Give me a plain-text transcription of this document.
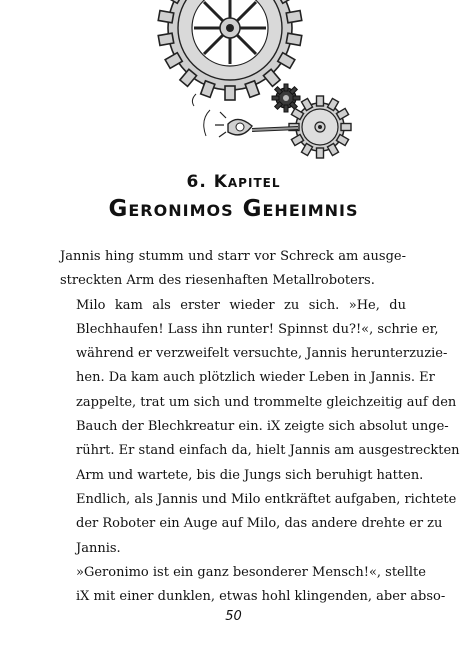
6. Kapitel
Geronimos Geheimnis
Jannis hing stumm und starr vor Schreck am ausge-
streckten Arm des riesenhaften Metallroboters.
Milo kam als erster wieder zu sich. »He, du
Blechhaufen! Lass ihn runter! Spinnst du?!«, schrie er,
während er verzweifelt versuchte, Jannis herunterzuzie-
hen. Da kam auch plötzlich wieder Leben in Jannis. Er
zappelte, trat um sich und trommelte gleichzeitig auf den
Bauch der Blechkreatur ein. iX zeigte sich absolut unge-
rührt. Er stand einfach da, hielt Jannis am ausgestreckten
Arm und wartete, bis die Jungs sich beruhigt hatten.
Endlich, als Jannis und Milo entkräftet aufgaben, richtete
der Roboter ein Auge auf Milo, das andere drehte er zu
Jannis.
»Geronimo ist ein ganz besonderer Mensch!«, stellte
iX mit einer dunklen, etwas hohl klingenden, aber abso-
50
